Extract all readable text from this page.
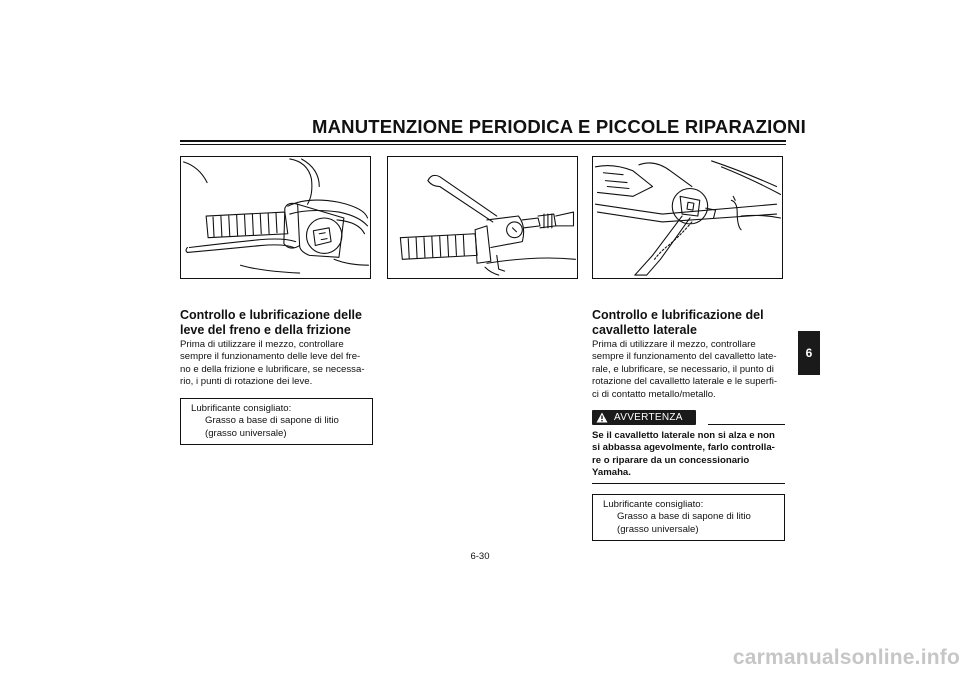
MANUTENZIONE PERIODICA E PICCOLE RIPARAZIONI
Controllo e lubrificazione delle
leve del freno e della frizione
Prima di utilizzare il mezzo, controllare
sempre il funzionamento delle leve del fre-
no e della frizione e lubrificare, se necessa-
rio, i punti di rotazione dei leve.
Lubrificante consigliato:
Grasso a base di sapone di litio
(grasso universale)
Controllo e lubrificazione del
cavalletto laterale
Prima di utilizzare il mezzo, controllare
sempre il funzionamento del cavalletto late-
rale, e lubrificare, se necessario, il punto di
rotazione del cavalletto laterale e le superfi-
ci di contatto metallo/metallo.
AVVERTENZA
Se il cavalletto laterale non si alza e non
si abbassa agevolmente, farlo controlla-
re o riparare da un concessionario
Yamaha.
Lubrificante consigliato:
Grasso a base di sapone di litio
(grasso universale)
6
6-30
carmanualsonline.info
